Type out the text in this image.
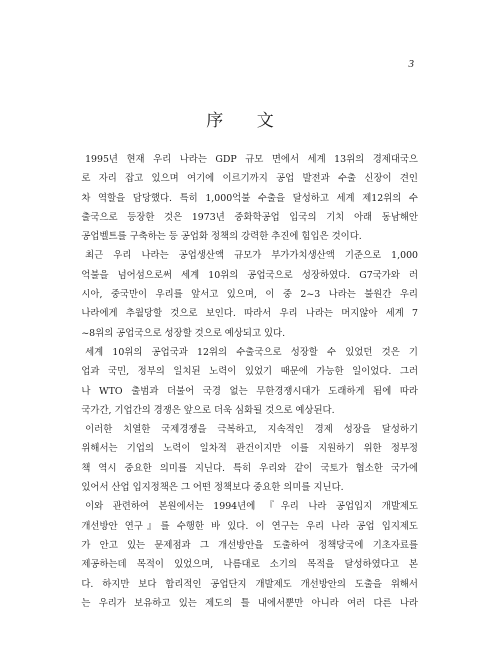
3
序 文
1995년 현재 우리 나라는 GDP 규모 면에서 세계 13위의 경제대국으
로 자리 잡고 있으며 여기에 이르기까지 공업 발전과 수출 신장이 견인
차 역할을 담당했다. 특히 1,000억불 수출을 달성하고 세계 제12위의 수
출국으로 등장한 것은 1973년 중화학공업 입국의 기치 아래 동남해안
공업벨트를 구축하는 등 공업화 정책의 강력한 추진에 힘입은 것이다.
최근 우리 나라는 공업생산액 규모가 부가가치생산액 기준으로 1,000
억불을 넘어섬으로써 세계 10위의 공업국으로 성장하였다. G7국가와 러
시아, 중국만이 우리를 앞서고 있으며, 이 중 2~3 나라는 불원간 우리
나라에게 추월당할 것으로 보인다. 따라서 우리 나라는 머지않아 세계 7
~8위의 공업국으로 성장할 것으로 예상되고 있다.
세계 10위의 공업국과 12위의 수출국으로 성장할 수 있었던 것은 기
업과 국민, 정부의 일치된 노력이 있었기 때문에 가능한 일이었다. 그러
나 WTO 출범과 더불어 국경 없는 무한경쟁시대가 도래하게 됨에 따라
국가간, 기업간의 경쟁은 앞으로 더욱 심화될 것으로 예상된다.
이러한 치열한 국제경쟁을 극복하고, 지속적인 경제 성장을 달성하기
위해서는 기업의 노력이 일차적 관건이지만 이를 지원하기 위한 정부정
책 역시 중요한 의미를 지닌다. 특히 우리와 같이 국토가 협소한 국가에
있어서 산업 입지정책은 그 어떤 정책보다 중요한 의미를 지닌다.
이와 관련하여 본원에서는 1994년에 『우리 나라 공업입지 개발제도
개선방안 연구』를 수행한 바 있다. 이 연구는 우리 나라 공업 입지제도
가 안고 있는 문제점과 그 개선방안을 도출하여 정책당국에 기초자료를
제공하는데 목적이 있었으며, 나름대로 소기의 목적을 달성하였다고 본
다. 하지만 보다 합리적인 공업단지 개발제도 개선방안의 도출을 위해서
는 우리가 보유하고 있는 제도의 틀 내에서뿐만 아니라 여러 다른 나라
